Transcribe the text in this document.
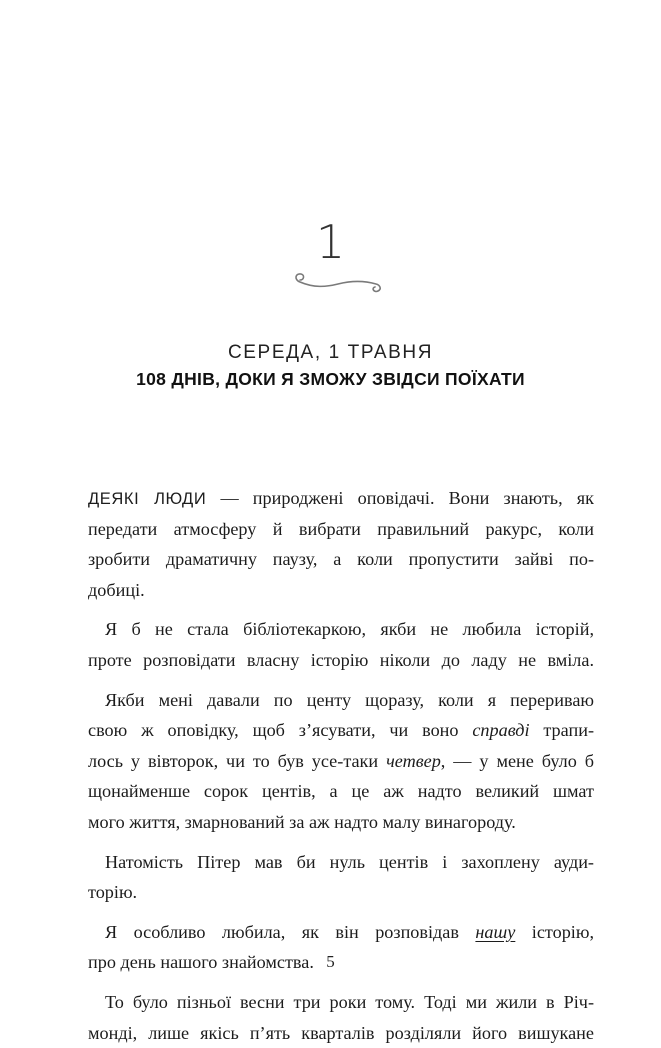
1
СЕРЕДА, 1 ТРАВНЯ
108 ДНІВ, ДОКИ Я ЗМОЖУ ЗВІДСИ ПОЇХАТИ
ДЕЯКІ ЛЮДИ — природжені оповідачі. Вони знають, як
передати атмосферу й вибрати правильний ракурс, коли
зробити драматичну паузу, а коли пропустити зайві по-
добиці.
Я б не стала бібліотекаркою, якби не любила історій,
проте розповідати власну історію ніколи до ладу не вміла.
Якби мені давали по центу щоразу, коли я перериваю
свою ж оповідку, щоб з’ясувати, чи воно справді трапи-
лось у вівторок, чи то був усе-таки четвер, — у мене було б
щонайменше сорок центів, а це аж надто великий шмат
мого життя, змарнований за аж надто малу винагороду.
Натомість Пітер мав би нуль центів і захоплену ауди-
торію.
Я особливо любила, як він розповідав нашу історію,
про день нашого знайомства.
То було пізньої весни три роки тому. Тоді ми жили в Річ-
монді, лише якісь п’ять кварталів розділяли його вишукане
5
